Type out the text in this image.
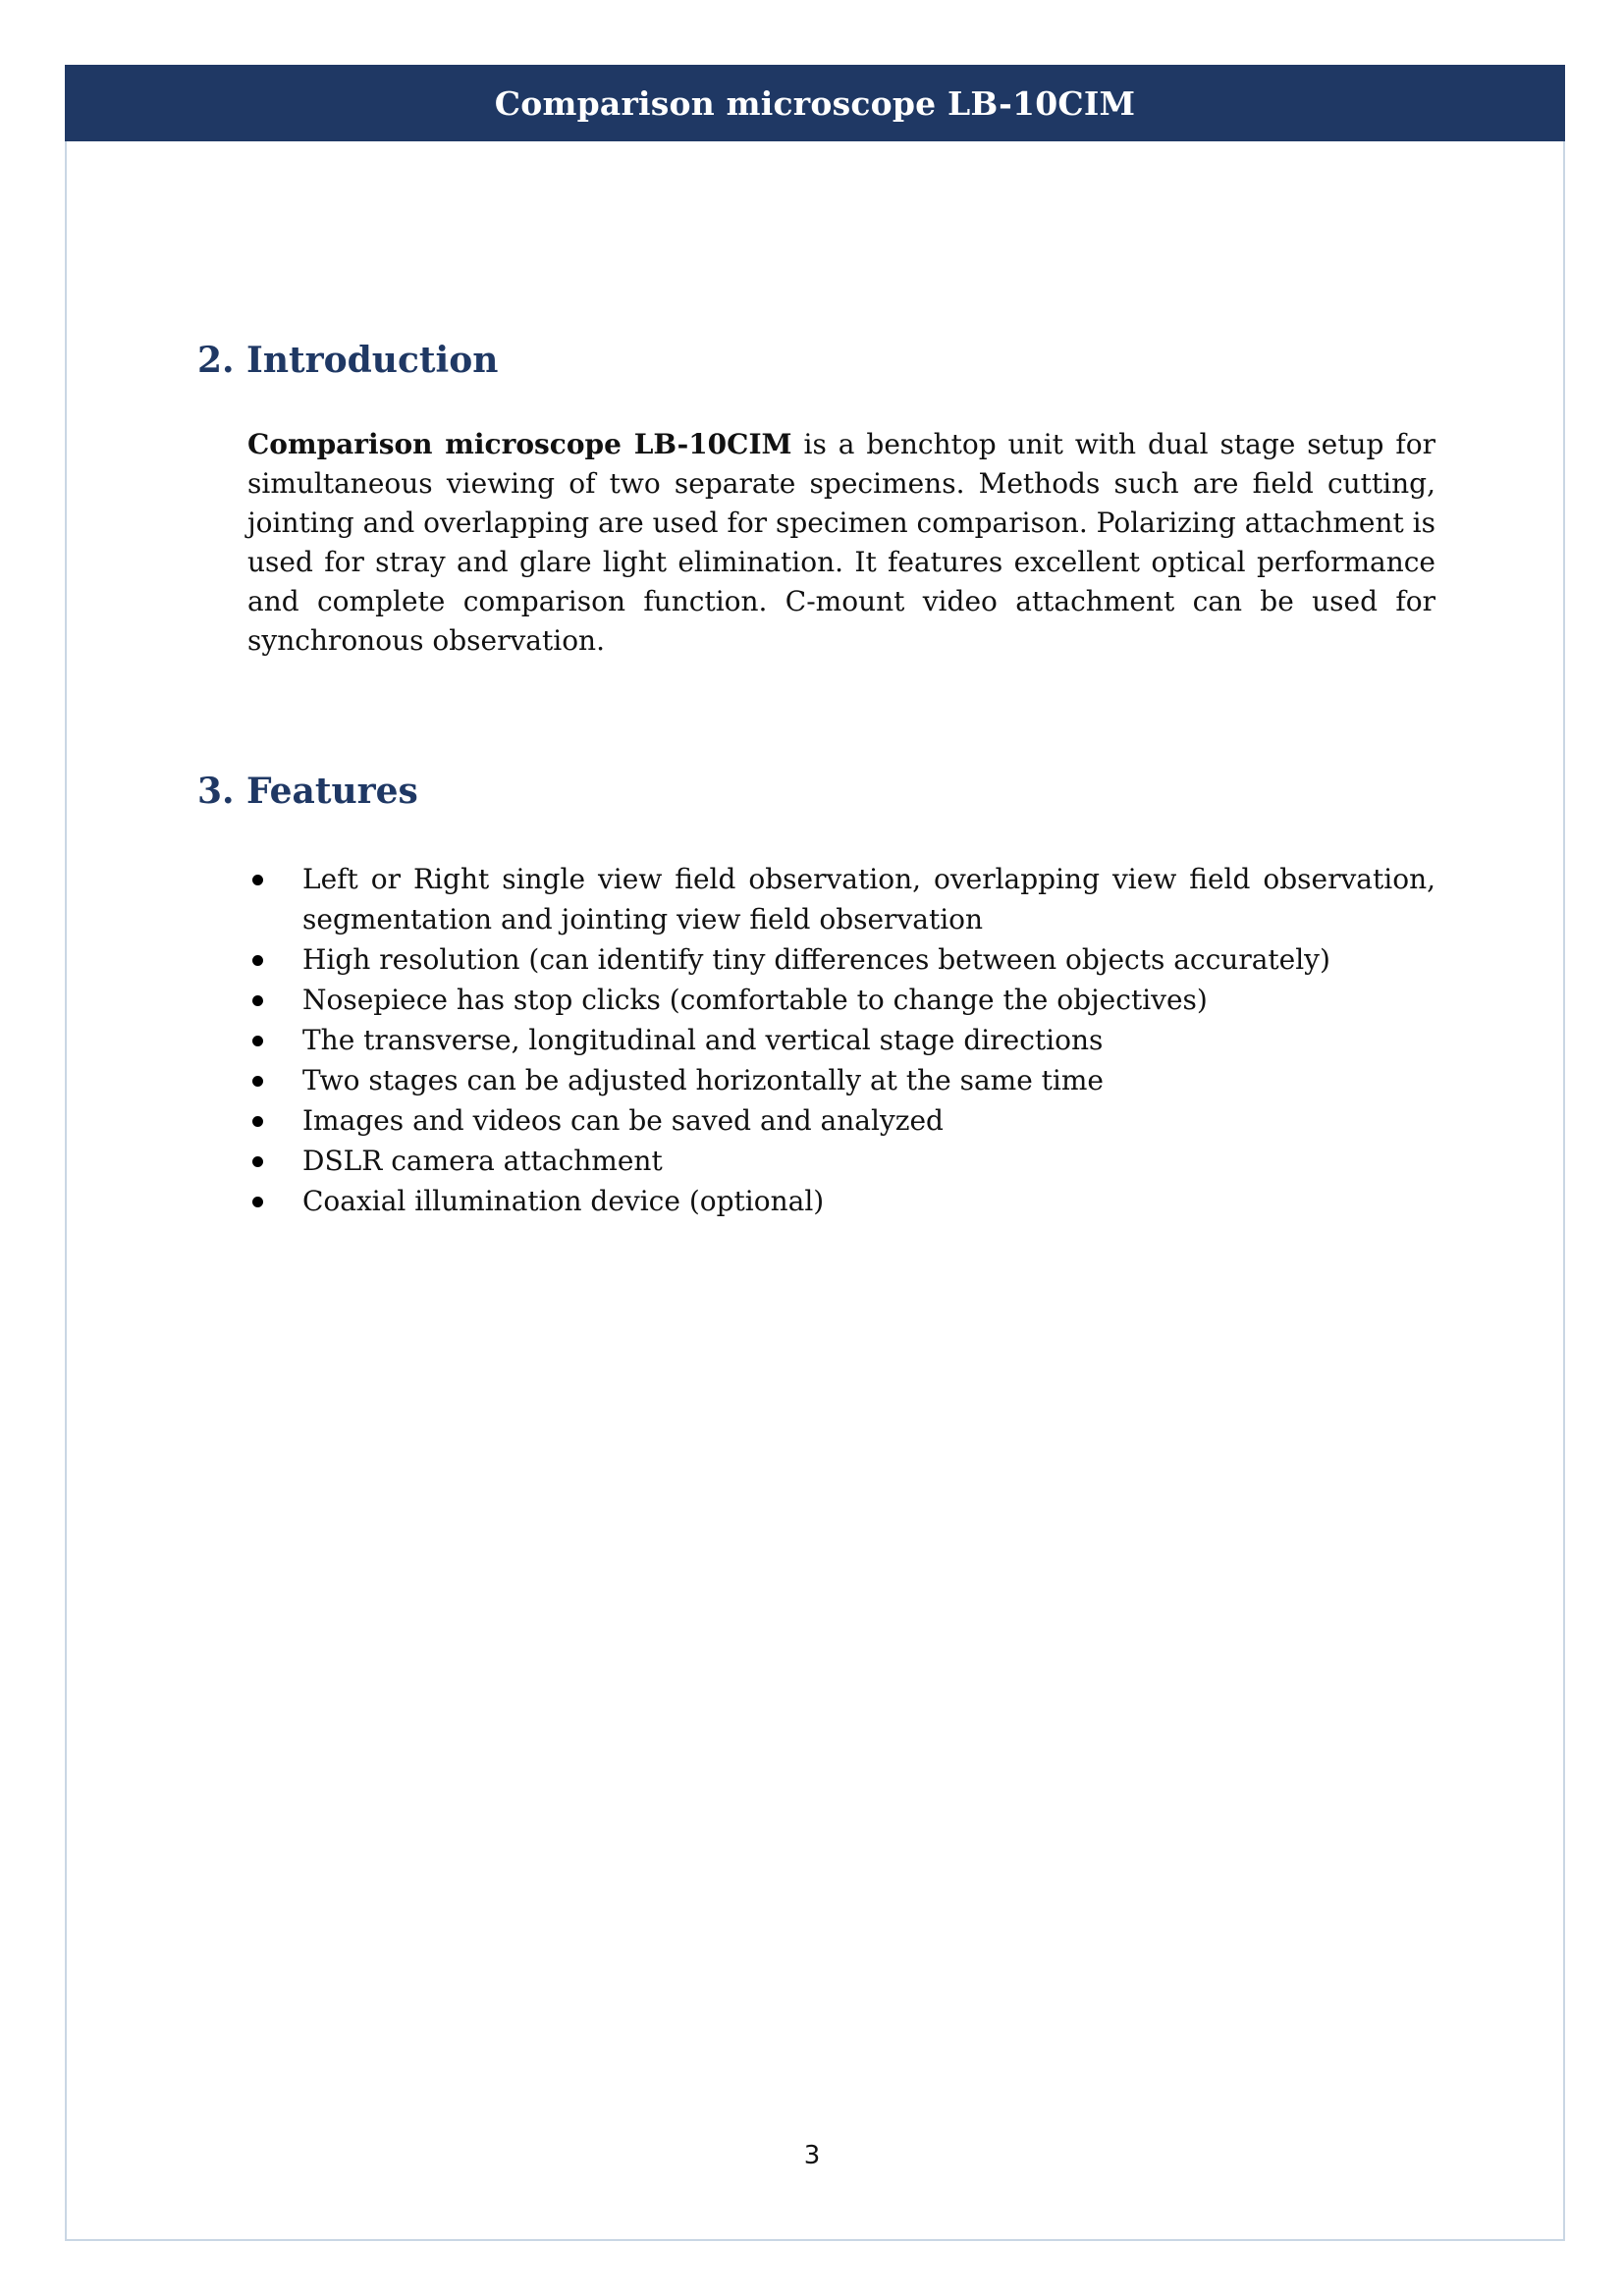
Comparison microscope LB-10CIM
2. Introduction

Comparison microscope LB-10CIM is a benchtop unit with dual stage setup for simultaneous viewing of two separate specimens. Methods such are field cutting, jointing and overlapping are used for specimen comparison. Polarizing attachment is used for stray and glare light elimination. It features excellent optical performance and complete comparison function. C-mount video attachment can be used for synchronous observation.

3. Features
Left or Right single view field observation, overlapping view field observation, segmentation and jointing view field observation
High resolution (can identify tiny differences between objects accurately)
Nosepiece has stop clicks (comfortable to change the objectives)
The transverse, longitudinal and vertical stage directions
Two stages can be adjusted horizontally at the same time
Images and videos can be saved and analyzed
DSLR camera attachment
Coaxial illumination device (optional)
3
